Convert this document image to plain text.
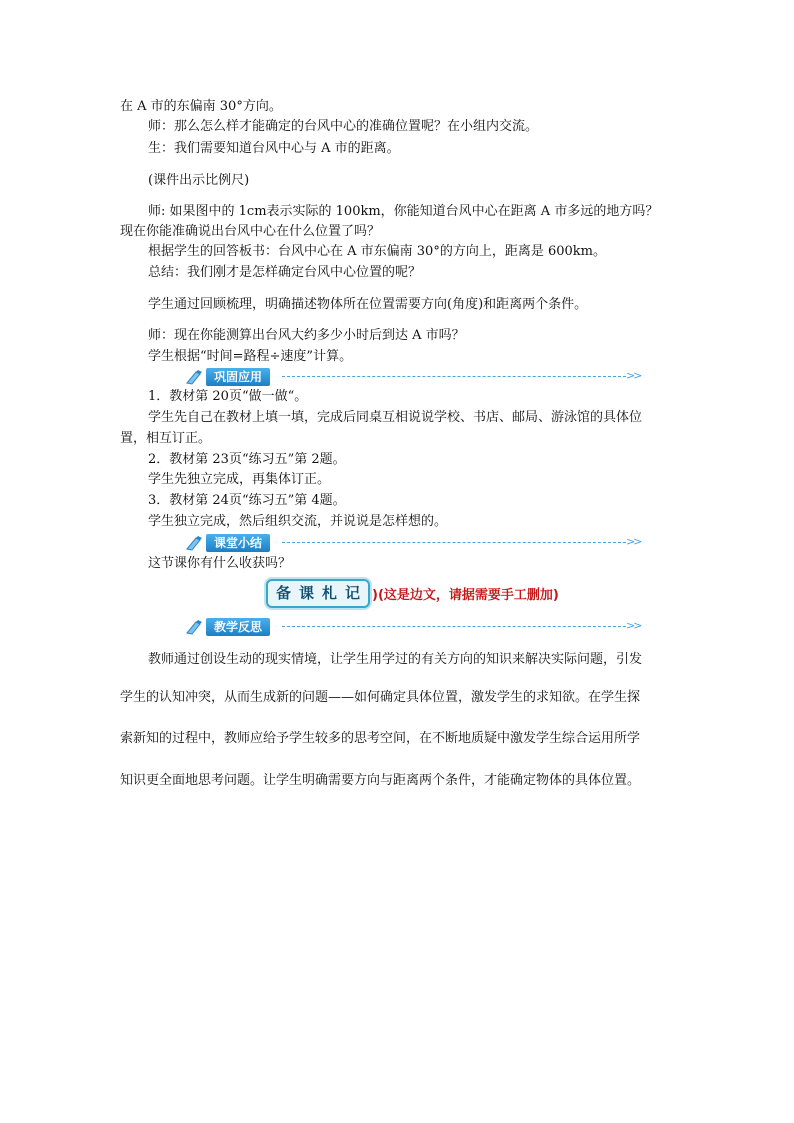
在 A 市的东偏南 30°方向。
师：那么怎么样才能确定的台风中心的准确位置呢？在小组内交流。
生：我们需要知道台风中心与 A 市的距离。
(课件出示比例尺)
师: 如果图中的 1cm表示实际的 100km，你能知道台风中心在距离 A 市多远的地方吗？
现在你能准确说出台风中心在什么位置了吗？
根据学生的回答板书：台风中心在 A 市东偏南 30°的方向上，距离是 600km。
总结：我们刚才是怎样确定台风中心位置的呢？
学生通过回顾梳理，明确描述物体所在位置需要方向(角度)和距离两个条件。
师：现在你能测算出台风大约多少小时后到达 A 市吗？
学生根据“时间=路程÷速度”计算。
巩固应用	>>
1．教材第 20页“做一做“。
学生先自己在教材上填一填，完成后同桌互相说说学校、书店、邮局、游泳馆的具体位
置，相互订正。
2．教材第 23页“练习五”第 2题。
学生先独立完成，再集体订正。
3．教材第 24页“练习五”第 4题。
学生独立完成，然后组织交流，并说说是怎样想的。
课堂小结	>>
这节课你有什么收获吗？
备 课 札 记 )(这是边文，请据需要手工删加)
教学反思	>>
教师通过创设生动的现实情境，让学生用学过的有关方向的知识来解决实际问题，引发
学生的认知冲突，从而生成新的问题——如何确定具体位置，激发学生的求知欲。在学生探
索新知的过程中，教师应给予学生较多的思考空间，在不断地质疑中激发学生综合运用所学
知识更全面地思考问题。让学生明确需要方向与距离两个条件，才能确定物体的具体位置。
